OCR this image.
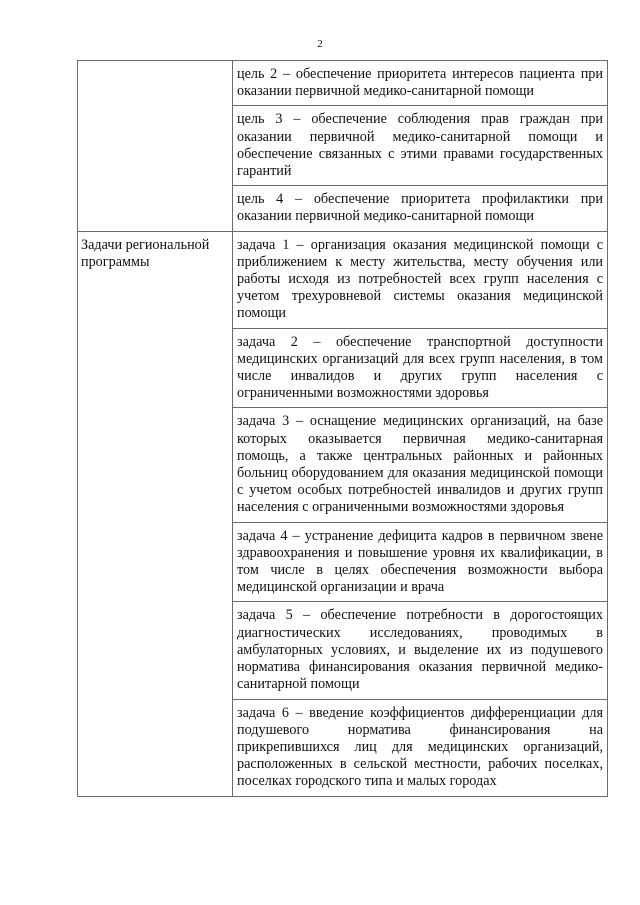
2
	цель 2 – обеспечение приоритета интересов пациента при оказании первичной медико-санитарной помощи
	цель 3 – обеспечение соблюдения прав граждан при оказании первичной медико-санитарной помощи и обеспечение связанных с этими правами государственных гарантий
	цель 4 – обеспечение приоритета профилактики при оказании первичной медико-санитарной помощи
Задачи региональной программы	задача 1 – организация оказания медицинской помощи с приближением к месту жительства, месту обучения или работы исходя из потребностей всех групп населения с учетом трехуровневой системы оказания медицинской помощи
	задача 2 – обеспечение транспортной доступности медицинских организаций для всех групп населения, в том числе инвалидов и других групп населения с ограниченными возможностями здоровья
	задача 3 – оснащение медицинских организаций, на базе которых оказывается первичная медико-санитарная помощь, а также центральных районных и районных больниц оборудованием для оказания медицинской помощи с учетом особых потребностей инвалидов и других групп населения с ограниченными возможностями здоровья
	задача 4 – устранение дефицита кадров в первичном звене здравоохранения и повышение уровня их квалификации, в том числе в целях обеспечения возможности выбора медицинской организации и врача
	задача 5 – обеспечение потребности в дорогостоящих диагностических исследованиях, проводимых в амбулаторных условиях, и выделение их из подушевого норматива финансирования оказания первичной медико-санитарной помощи
	задача 6 – введение коэффициентов дифференциации для подушевого норматива финансирования на прикрепившихся лиц для медицинских организаций, расположенных в сельской местности, рабочих поселках, поселках городского типа и малых городах
